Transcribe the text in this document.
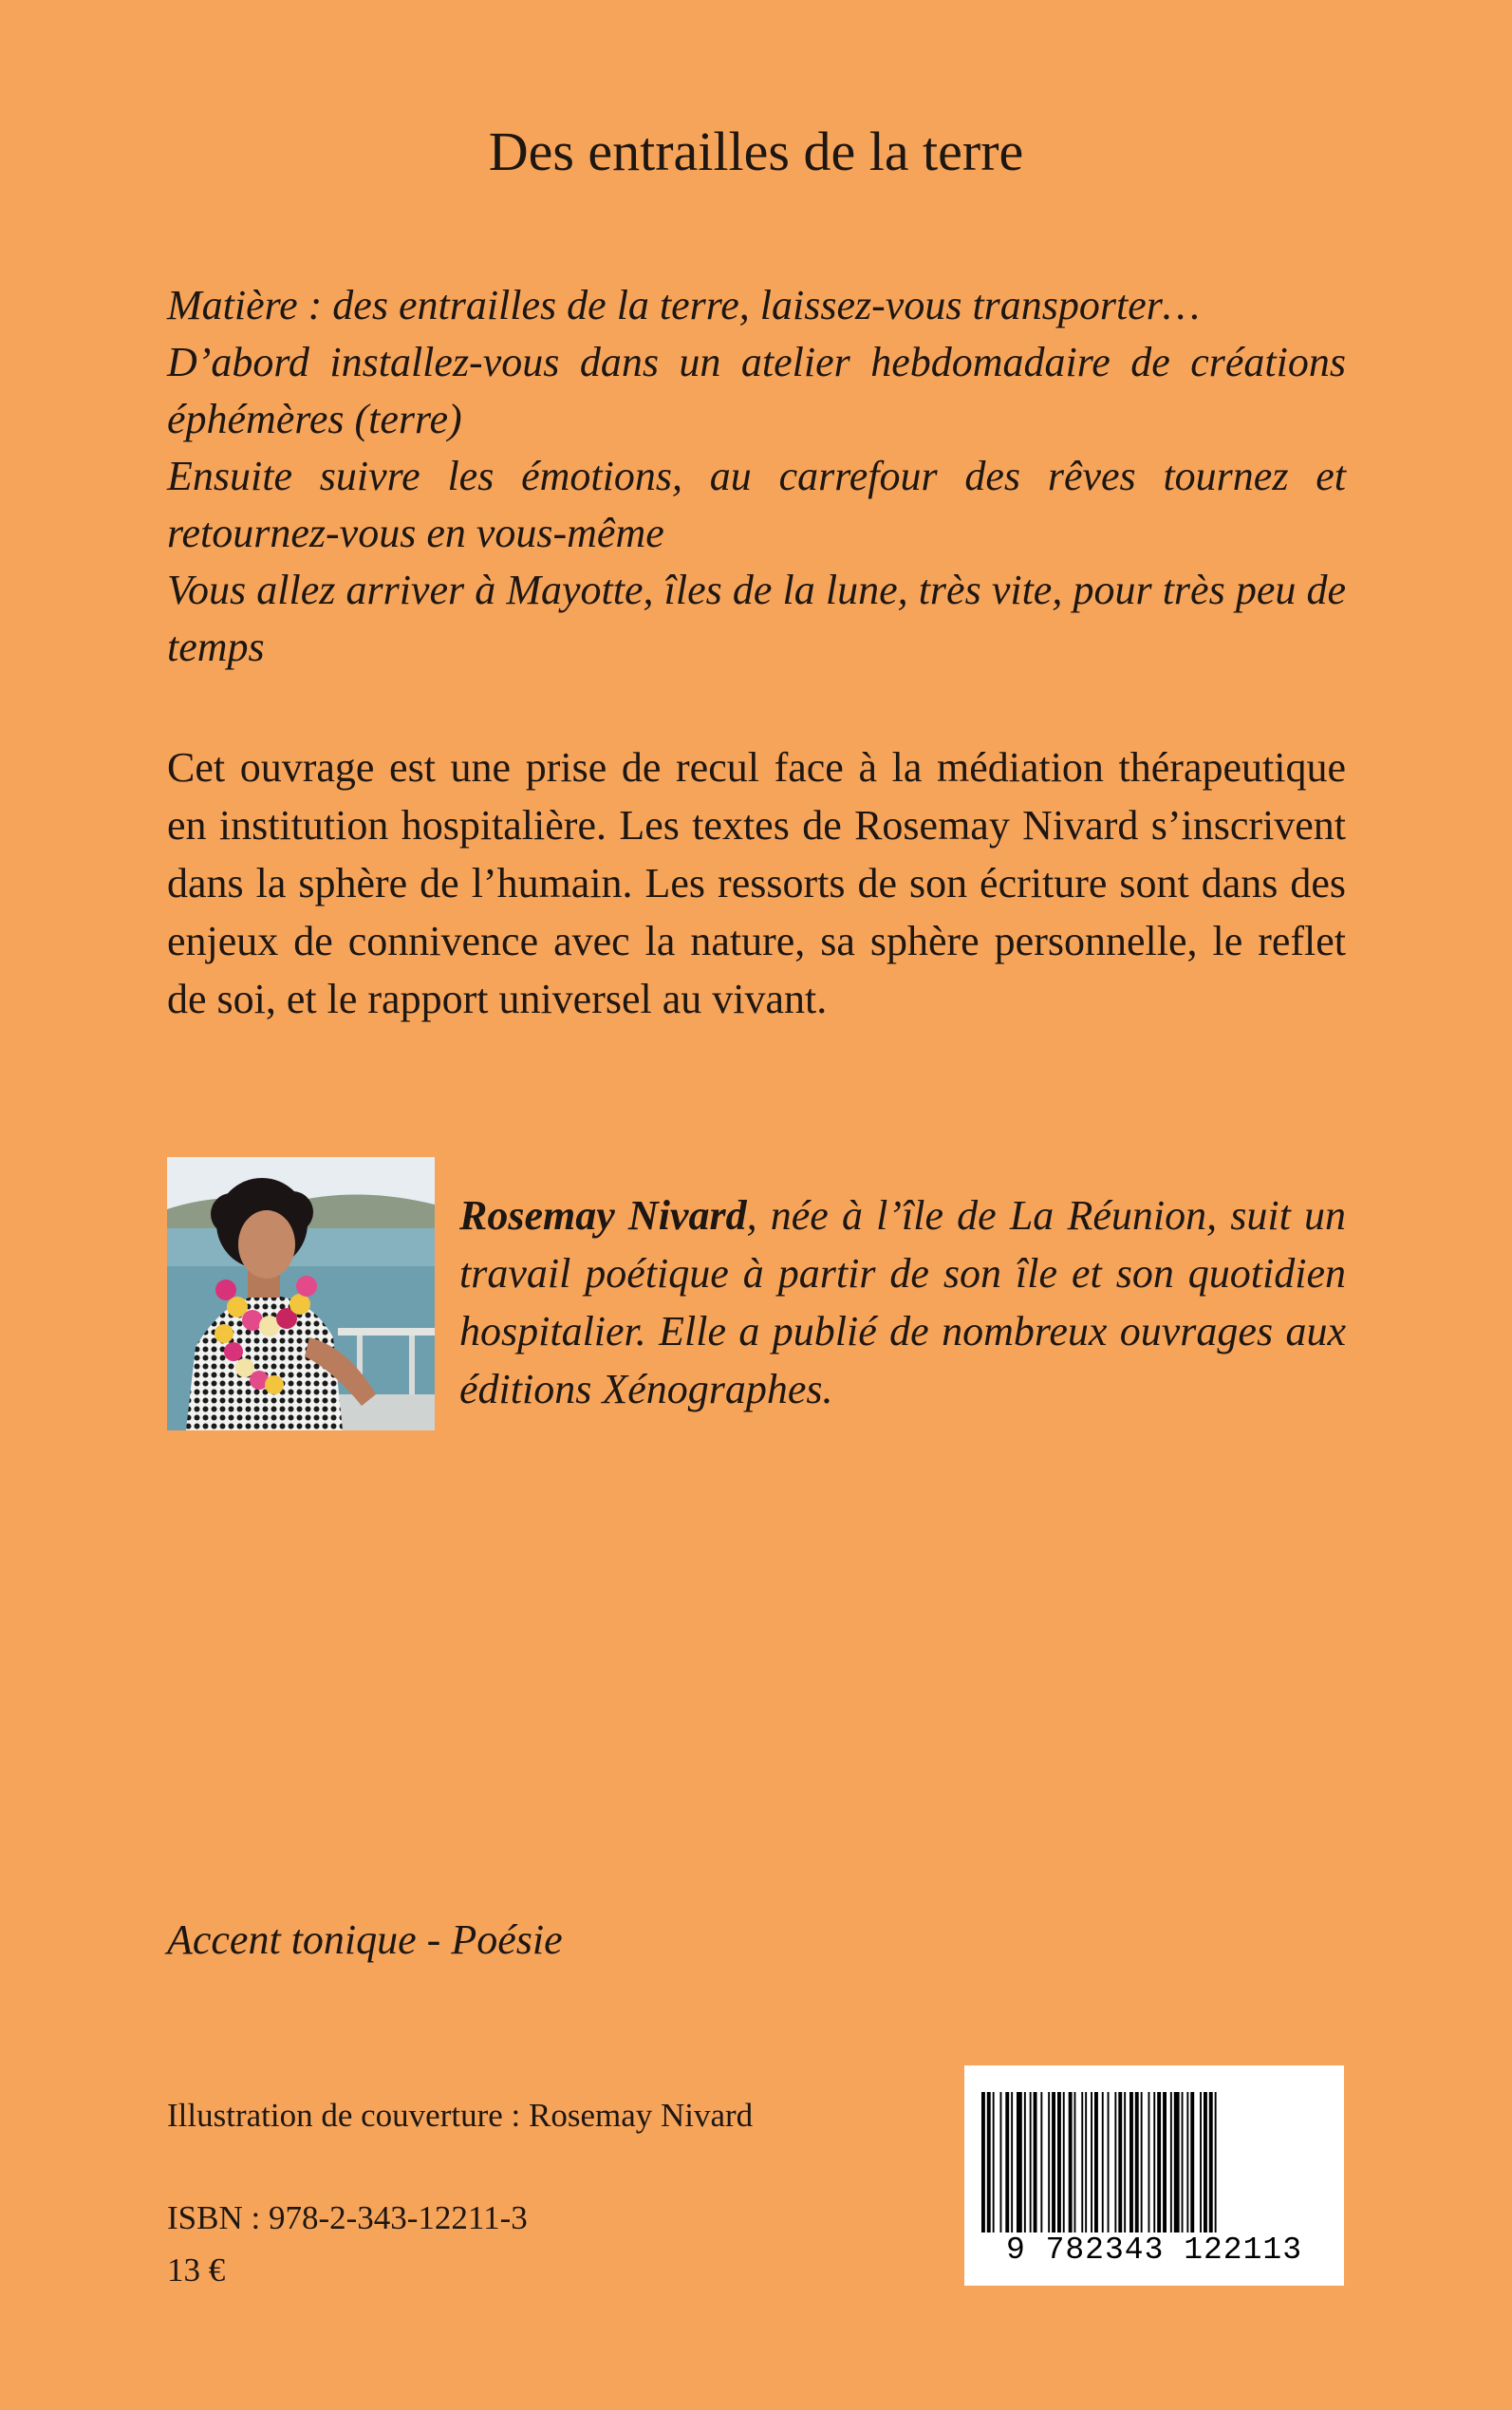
Des entrailles de la terre

Matière : des entrailles de la terre, laissez-vous transporter…

D’abord installez-vous dans un atelier hebdomadaire de créations éphémères (terre)

Ensuite suivre les émotions, au carrefour des rêves tournez et retournez-vous en vous-même

Vous allez arriver à Mayotte, îles de la lune, très vite, pour très peu de temps

Cet ouvrage est une prise de recul face à la médiation thérapeutique en institution hospitalière. Les textes de Rosemay Nivard s’inscrivent dans la sphère de l’humain. Les ressorts de son écriture sont dans des enjeux de connivence avec la nature, sa sphère personnelle, le reflet de soi, et le rapport universel au vivant.

Rosemay Nivard, née à l’île de La Réunion, suit un travail poétique à partir de son île et son quotidien hospitalier. Elle a publié de nombreux ouvrages aux éditions Xénographes.

Accent tonique - Poésie

Illustration de couverture : Rosemay Nivard

ISBN : 978-2-343-12211-3

13 €

9 782343 122113
